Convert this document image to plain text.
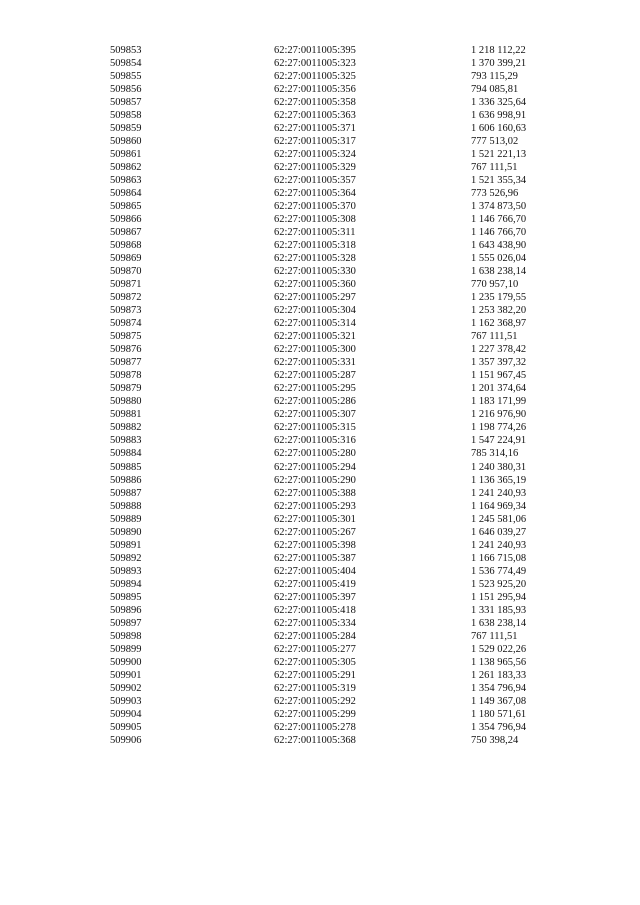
509853	62:27:0011005:395	1 218 112,22
509854	62:27:0011005:323	1 370 399,21
509855	62:27:0011005:325	793 115,29
509856	62:27:0011005:356	794 085,81
509857	62:27:0011005:358	1 336 325,64
509858	62:27:0011005:363	1 636 998,91
509859	62:27:0011005:371	1 606 160,63
509860	62:27:0011005:317	777 513,02
509861	62:27:0011005:324	1 521 221,13
509862	62:27:0011005:329	767 111,51
509863	62:27:0011005:357	1 521 355,34
509864	62:27:0011005:364	773 526,96
509865	62:27:0011005:370	1 374 873,50
509866	62:27:0011005:308	1 146 766,70
509867	62:27:0011005:311	1 146 766,70
509868	62:27:0011005:318	1 643 438,90
509869	62:27:0011005:328	1 555 026,04
509870	62:27:0011005:330	1 638 238,14
509871	62:27:0011005:360	770 957,10
509872	62:27:0011005:297	1 235 179,55
509873	62:27:0011005:304	1 253 382,20
509874	62:27:0011005:314	1 162 368,97
509875	62:27:0011005:321	767 111,51
509876	62:27:0011005:300	1 227 378,42
509877	62:27:0011005:331	1 357 397,32
509878	62:27:0011005:287	1 151 967,45
509879	62:27:0011005:295	1 201 374,64
509880	62:27:0011005:286	1 183 171,99
509881	62:27:0011005:307	1 216 976,90
509882	62:27:0011005:315	1 198 774,26
509883	62:27:0011005:316	1 547 224,91
509884	62:27:0011005:280	785 314,16
509885	62:27:0011005:294	1 240 380,31
509886	62:27:0011005:290	1 136 365,19
509887	62:27:0011005:388	1 241 240,93
509888	62:27:0011005:293	1 164 969,34
509889	62:27:0011005:301	1 245 581,06
509890	62:27:0011005:267	1 646 039,27
509891	62:27:0011005:398	1 241 240,93
509892	62:27:0011005:387	1 166 715,08
509893	62:27:0011005:404	1 536 774,49
509894	62:27:0011005:419	1 523 925,20
509895	62:27:0011005:397	1 151 295,94
509896	62:27:0011005:418	1 331 185,93
509897	62:27:0011005:334	1 638 238,14
509898	62:27:0011005:284	767 111,51
509899	62:27:0011005:277	1 529 022,26
509900	62:27:0011005:305	1 138 965,56
509901	62:27:0011005:291	1 261 183,33
509902	62:27:0011005:319	1 354 796,94
509903	62:27:0011005:292	1 149 367,08
509904	62:27:0011005:299	1 180 571,61
509905	62:27:0011005:278	1 354 796,94
509906	62:27:0011005:368	750 398,24
